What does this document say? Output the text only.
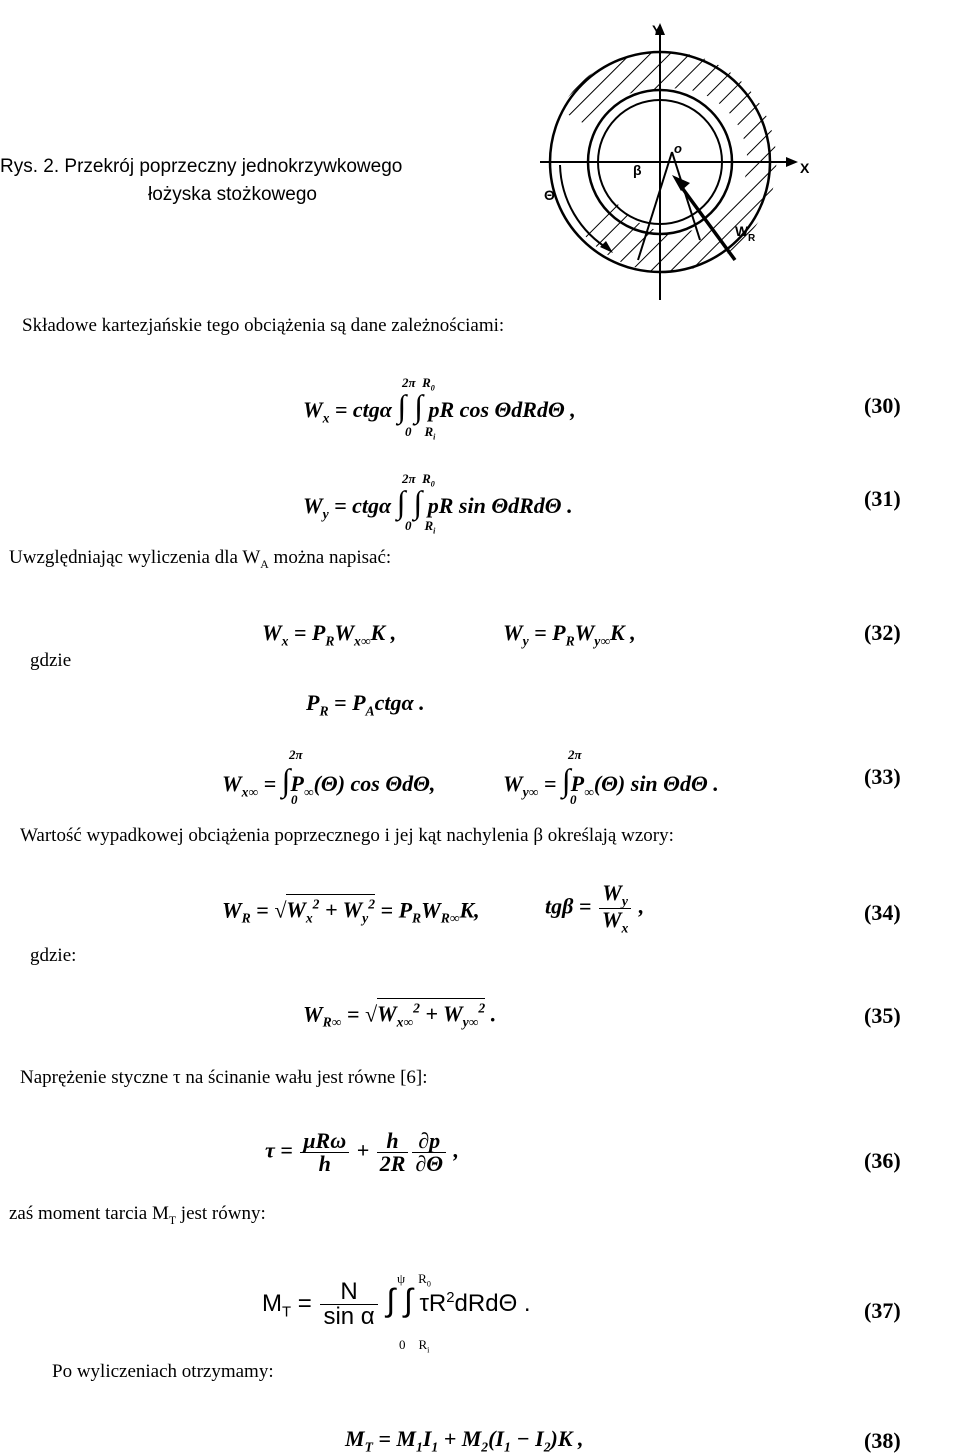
Y
X
o
β
Θ
W R
Rys. 2. Przekrój poprzeczny jednokrzywkowego
łożyska stożkowego
Składowe kartezjańskie tego obciążenia są dane zależnościami:
$W_x = ctg\alpha$ ∫ ∫ pR cos ΘdRdΘ ,
2π  $R_0$
0    $R_i$
(30)
$W_y = ctg\alpha$ ∫ ∫ pR sin ΘdRdΘ .
2π  $R_0$
0    $R_i$
(31)
Uwzględniając wyliczenia dla $W_A$ można napisać:
$W_x = P_RW_{x\infty}K$ ,	$W_y = P_RW_{y\infty}K$ ,	(32)
gdzie
$P_R = P_Actg\alpha$ .
$W_{x\infty} = \int P_\infty(\Theta)$ cos ΘdΘ,
2π
0
$W_{y\infty} = \int P_\infty(\Theta)$ sin ΘdΘ .
2π
0
(33)
Wartość wypadkowej obciążenia poprzecznego i jej kąt nachylenia β określają wzory:
$W_R = √W_x^2 + W_y^2 = P_RW_{R\infty}K$,	$tg\beta = \frac{W_y}{W_x}$ ,	(34)
gdzie:
$W_{R\infty} = √W_{x\infty}^2 + W_{y\infty}^2$ .	(35)
Naprężenie styczne τ na ścinanie wału jest równe [6]:
$\tau = \frac{\text{μRω}}{h} + \frac{h}{2R} \frac{\partial p}{\partial\Theta}$ ,	(36)
zaś moment tarcia $M_T$ jest równy:
$M_T = \frac{N}{\text{sin α}}$ ∫ ∫ $\tau R^2dRd\Theta$ .
ψ    $R_0$
0    $R_i$
(37)
Po wyliczeniach otrzymamy:
$M_T = M_1I_1 + M_2(I_1 - I_2)K$ ,	(38)
